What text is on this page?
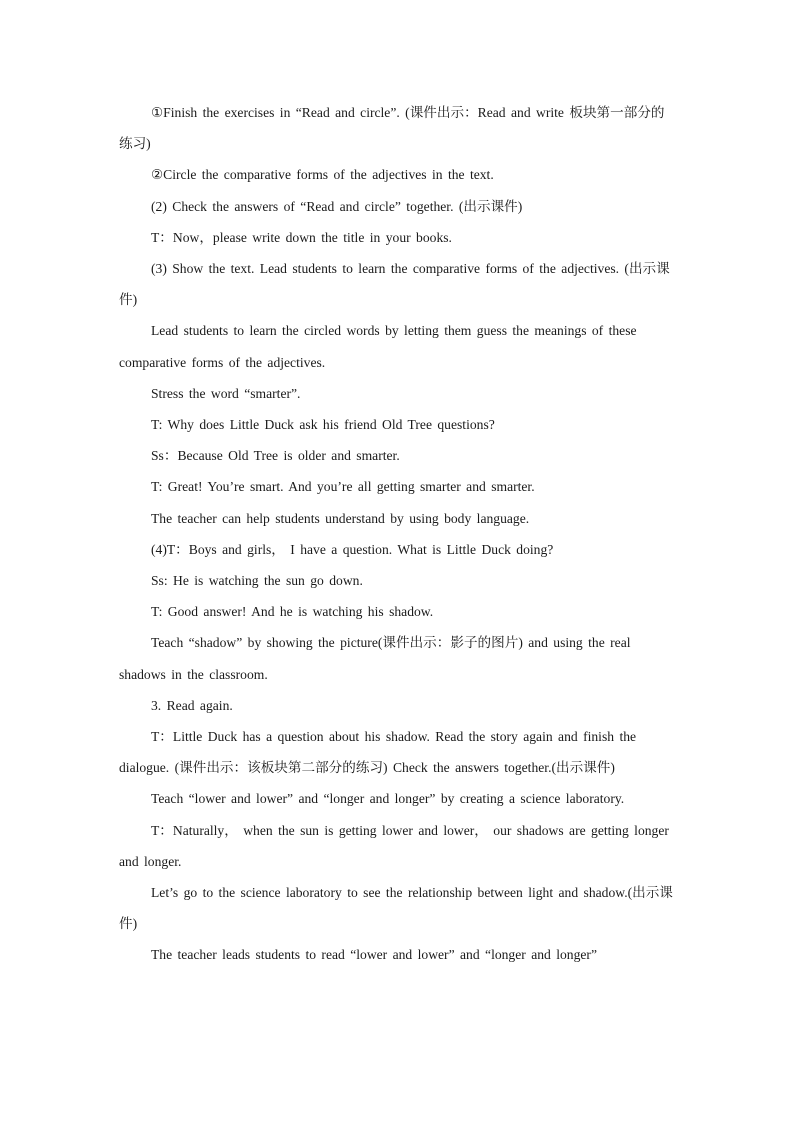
①Finish the exercises in “Read and circle”. (课件出示：Read and write 板块第一部分的练习)

②Circle the comparative forms of the adjectives in the text.

(2) Check the answers of “Read and circle” together. (出示课件)

T：Now，please write down the title in your books.

(3) Show the text. Lead students to learn the comparative forms of the adjectives. (出示课件)

Lead students to learn the circled words by letting them guess the meanings of these comparative forms of the adjectives.

Stress the word “smarter”.

T: Why does Little Duck ask his friend Old Tree questions?

Ss：Because Old Tree is older and smarter.

T: Great! You’re smart. And you’re all getting smarter and smarter.

The teacher can help students understand by using body language.

(4)T：Boys and girls， I have a question. What is Little Duck doing?

Ss: He is watching the sun go down.

T: Good answer! And he is watching his shadow.

Teach “shadow” by showing the picture(课件出示：影子的图片) and using the real shadows in the classroom.

3. Read again.

T：Little Duck has a question about his shadow. Read the story again and finish the dialogue. (课件出示：该板块第二部分的练习) Check the answers together.(出示课件)

Teach “lower and lower” and “longer and longer” by creating a science laboratory.

T：Naturally， when the sun is getting lower and lower， our shadows are getting longer and longer.

Let’s go to the science laboratory to see the relationship between light and shadow.(出示课件)

The teacher leads students to read “lower and lower” and “longer and longer”
